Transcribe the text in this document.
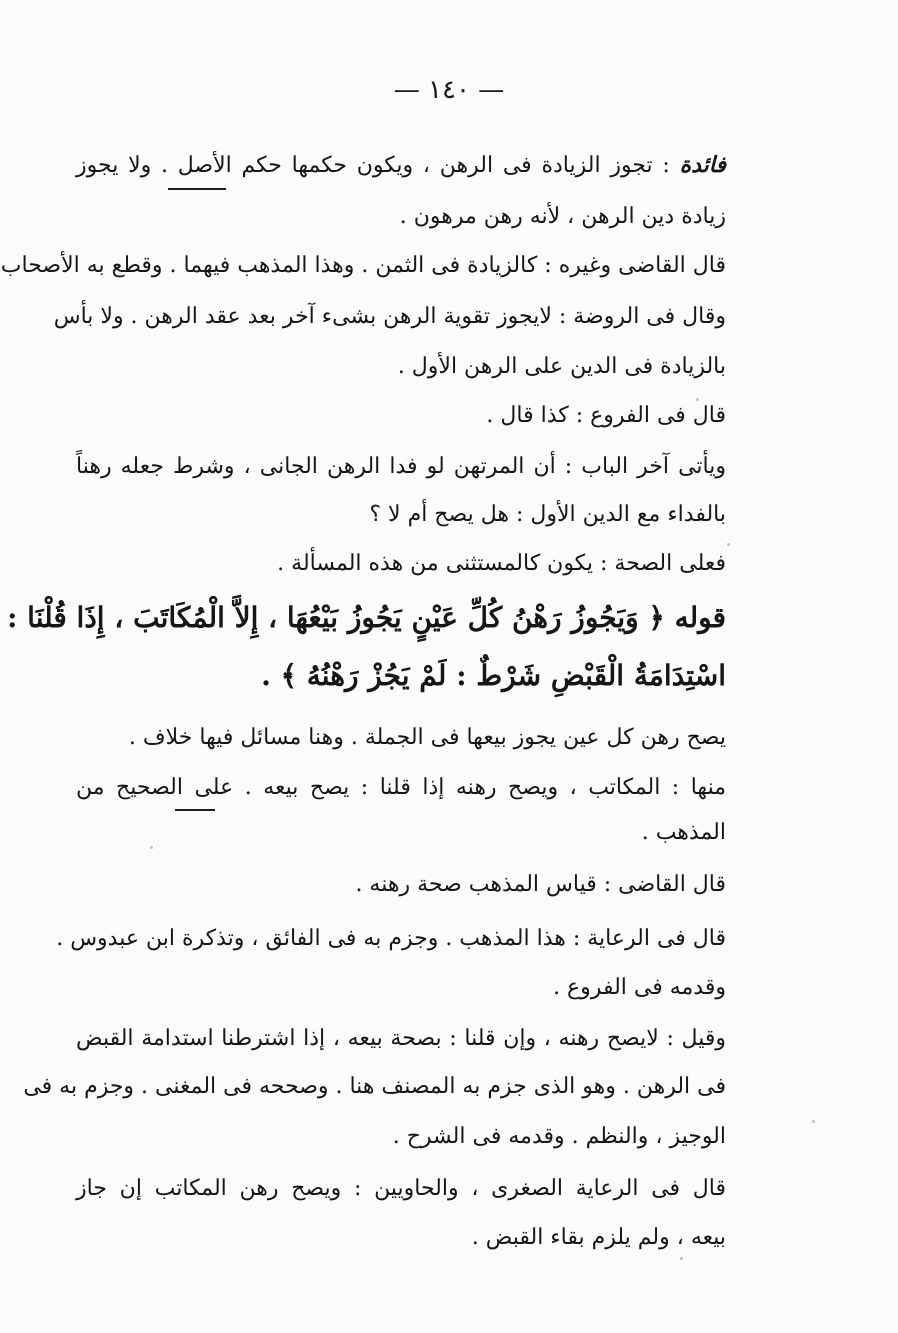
— ١٤٠ —
فائدة : تجوز الزيادة فى الرهن ، ويكون حكمها حكم الأصل . ولا يجوز
زيادة دين الرهن ، لأنه رهن مرهون .
قال القاضى وغيره : كالزيادة فى الثمن . وهذا المذهب فيهما . وقطع به الأصحاب
وقال فى الروضة : لايجوز تقوية الرهن بشىء آخر بعد عقد الرهن . ولا بأس
بالزيادة فى الدين على الرهن الأول .
قال فى الفروع : كذا قال .
ويأتى آخر الباب : أن المرتهن لو فدا الرهن الجانى ، وشرط جعله رهناً
بالفداء مع الدين الأول : هل يصح أم لا ؟
فعلى الصحة : يكون كالمستثنى من هذه المسألة .
قوله ﴿ وَيَجُوزُ رَهْنُ كُلِّ عَيْنٍ يَجُوزُ بَيْعُهَا ، إِلاَّ الْمُكَاتَبَ ، إِذَا قُلْنَا :
اسْتِدَامَةُ الْقَبْضِ شَرْطٌ : لَمْ يَجُزْ رَهْنُهُ ﴾ .
يصح رهن كل عين يجوز بيعها فى الجملة . وهنا مسائل فيها خلاف .
منها : المكاتب ، ويصح رهنه إذا قلنا : يصح بيعه . على الصحيح من
المذهب .
قال القاضى : قياس المذهب صحة رهنه .
قال فى الرعاية : هذا المذهب . وجزم به فى الفائق ، وتذكرة ابن عبدوس .
وقدمه فى الفروع .
وقيل : لايصح رهنه ، وإن قلنا : بصحة بيعه ، إذا اشترطنا استدامة القبض
فى الرهن . وهو الذى جزم به المصنف هنا . وصححه فى المغنى . وجزم به فى
الوجيز ، والنظم . وقدمه فى الشرح .
قال فى الرعاية الصغرى ، والحاويين : ويصح رهن المكاتب إن جاز
بيعه ، ولم يلزم بقاء القبض .
